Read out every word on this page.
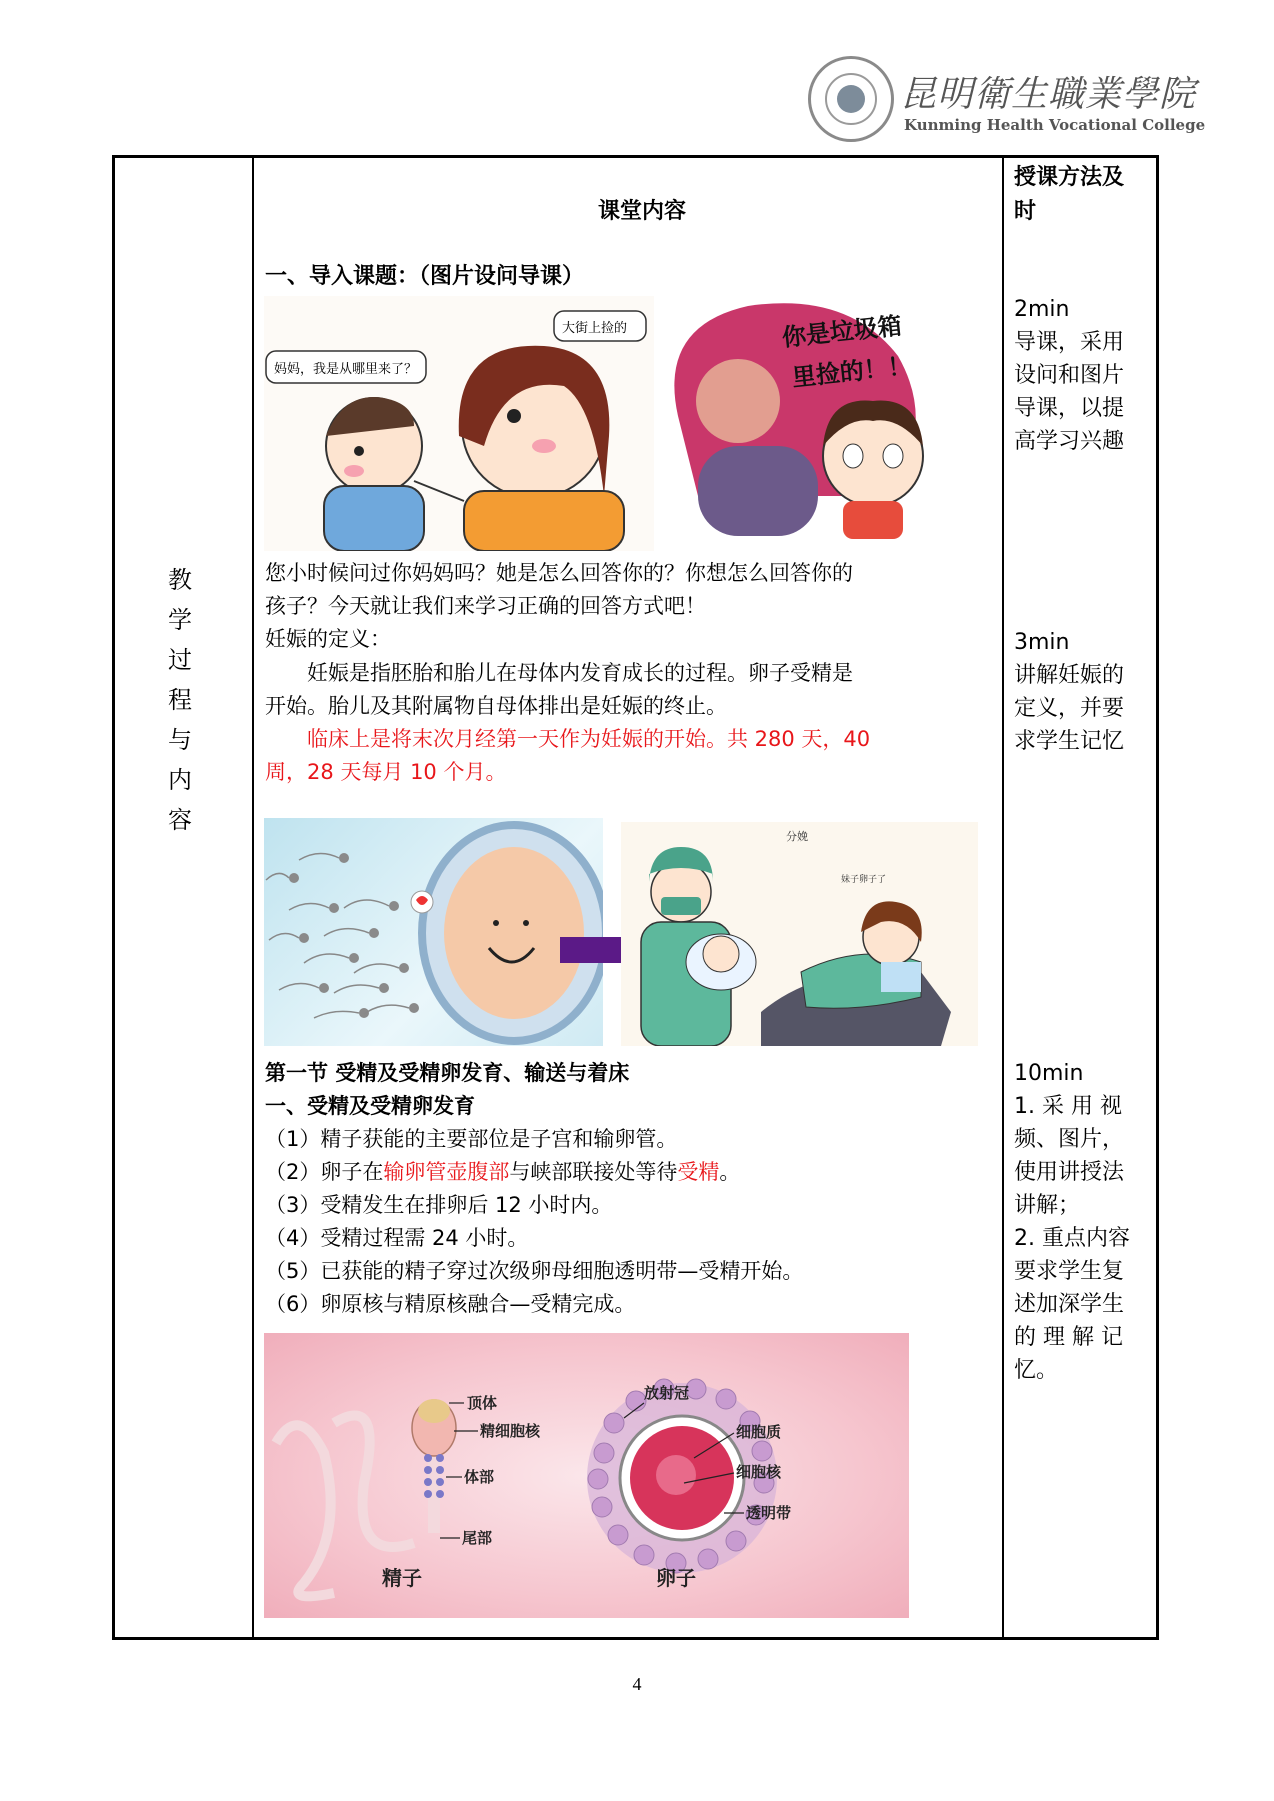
昆明衛生職業學院
Kunming Health Vocational College
教
学
过
程
与
内
容
课堂内容
授课方法及
时
一、导入课题：（图片设问导课）
妈妈，我是从哪里来了？
大街上捡的	你是垃圾箱
里捡的！！
您小时候问过你妈妈吗？她是怎么回答你的？你想怎么回答你的
孩子？今天就让我们来学习正确的回答方式吧！
妊娠的定义：
妊娠是指胚胎和胎儿在母体内发育成长的过程。卵子受精是
开始。胎儿及其附属物自母体排出是妊娠的终止。
临床上是将末次月经第一天作为妊娠的开始。共 280 天，40
周，28 天每月 10 个月。
分娩
妹子卵子了
第一节 受精及受精卵发育、输送与着床
一、受精及受精卵发育
（1）精子获能的主要部位是子宫和输卵管。
（2）卵子在输卵管壶腹部与峡部联接处等待受精。
（3）受精发生在排卵后 12 小时内。
（4）受精过程需 24 小时。
（5）已获能的精子穿过次级卵母细胞透明带—受精开始。
（6）卵原核与精原核融合—受精完成。
顶体
精细胞核
体部
尾部
精子
放射冠
细胞质
细胞核
透明带
卵子
2min
导课，采用
设问和图片
导课，以提
高学习兴趣
3min
讲解妊娠的
定义，并要
求学生记忆
10min
1. 采 用 视
频、图片，
使用讲授法
讲解；
2. 重点内容
要求学生复
述加深学生
的 理 解 记
忆。
4
